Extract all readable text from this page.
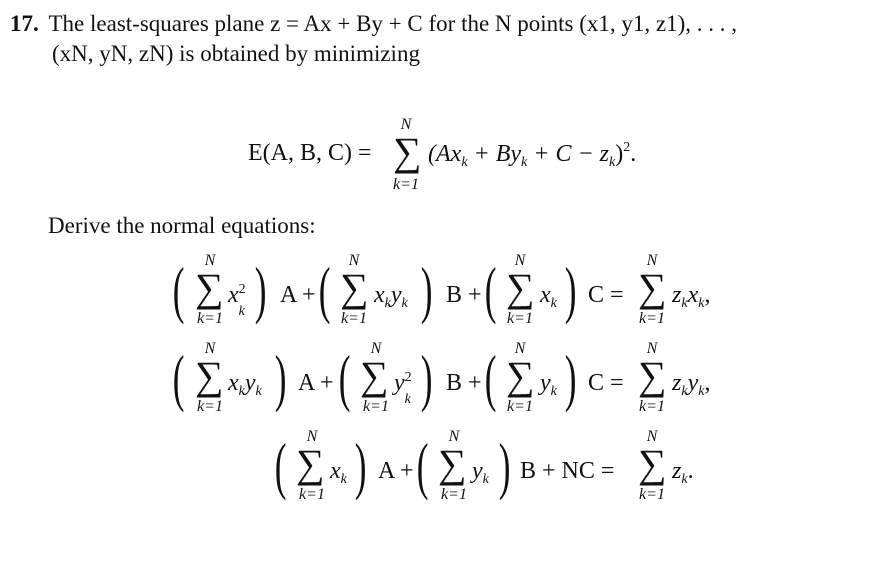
17. The least-squares plane z = Ax + By + C for the N points (x1, y1, z1), . . . ,
(xN, yN, zN) is obtained by minimizing
E(A, B, C) =
N
∑
k=1
$(Ax_k + By_k + C - z_k)^2$.
Derive the normal equations:
N
( ∑
k=1
x 2
k ) A +
N
( ∑
k=1
$x_ky_k$ ) B +
N
( ∑
k=1
$x_k$ ) C =
N
∑
k=1
$z_kx_k$,
N
( ∑
k=1
$x_ky_k$ ) A +
N
( ∑
k=1
y 2
k ) B +
N
( ∑
k=1
$y_k$ ) C =
N
∑
k=1
$z_ky_k$,
N
( ∑
k=1
$x_k$ ) A +
N
( ∑
k=1
$y_k$ ) B + NC =
N
∑
k=1
$z_k$.
